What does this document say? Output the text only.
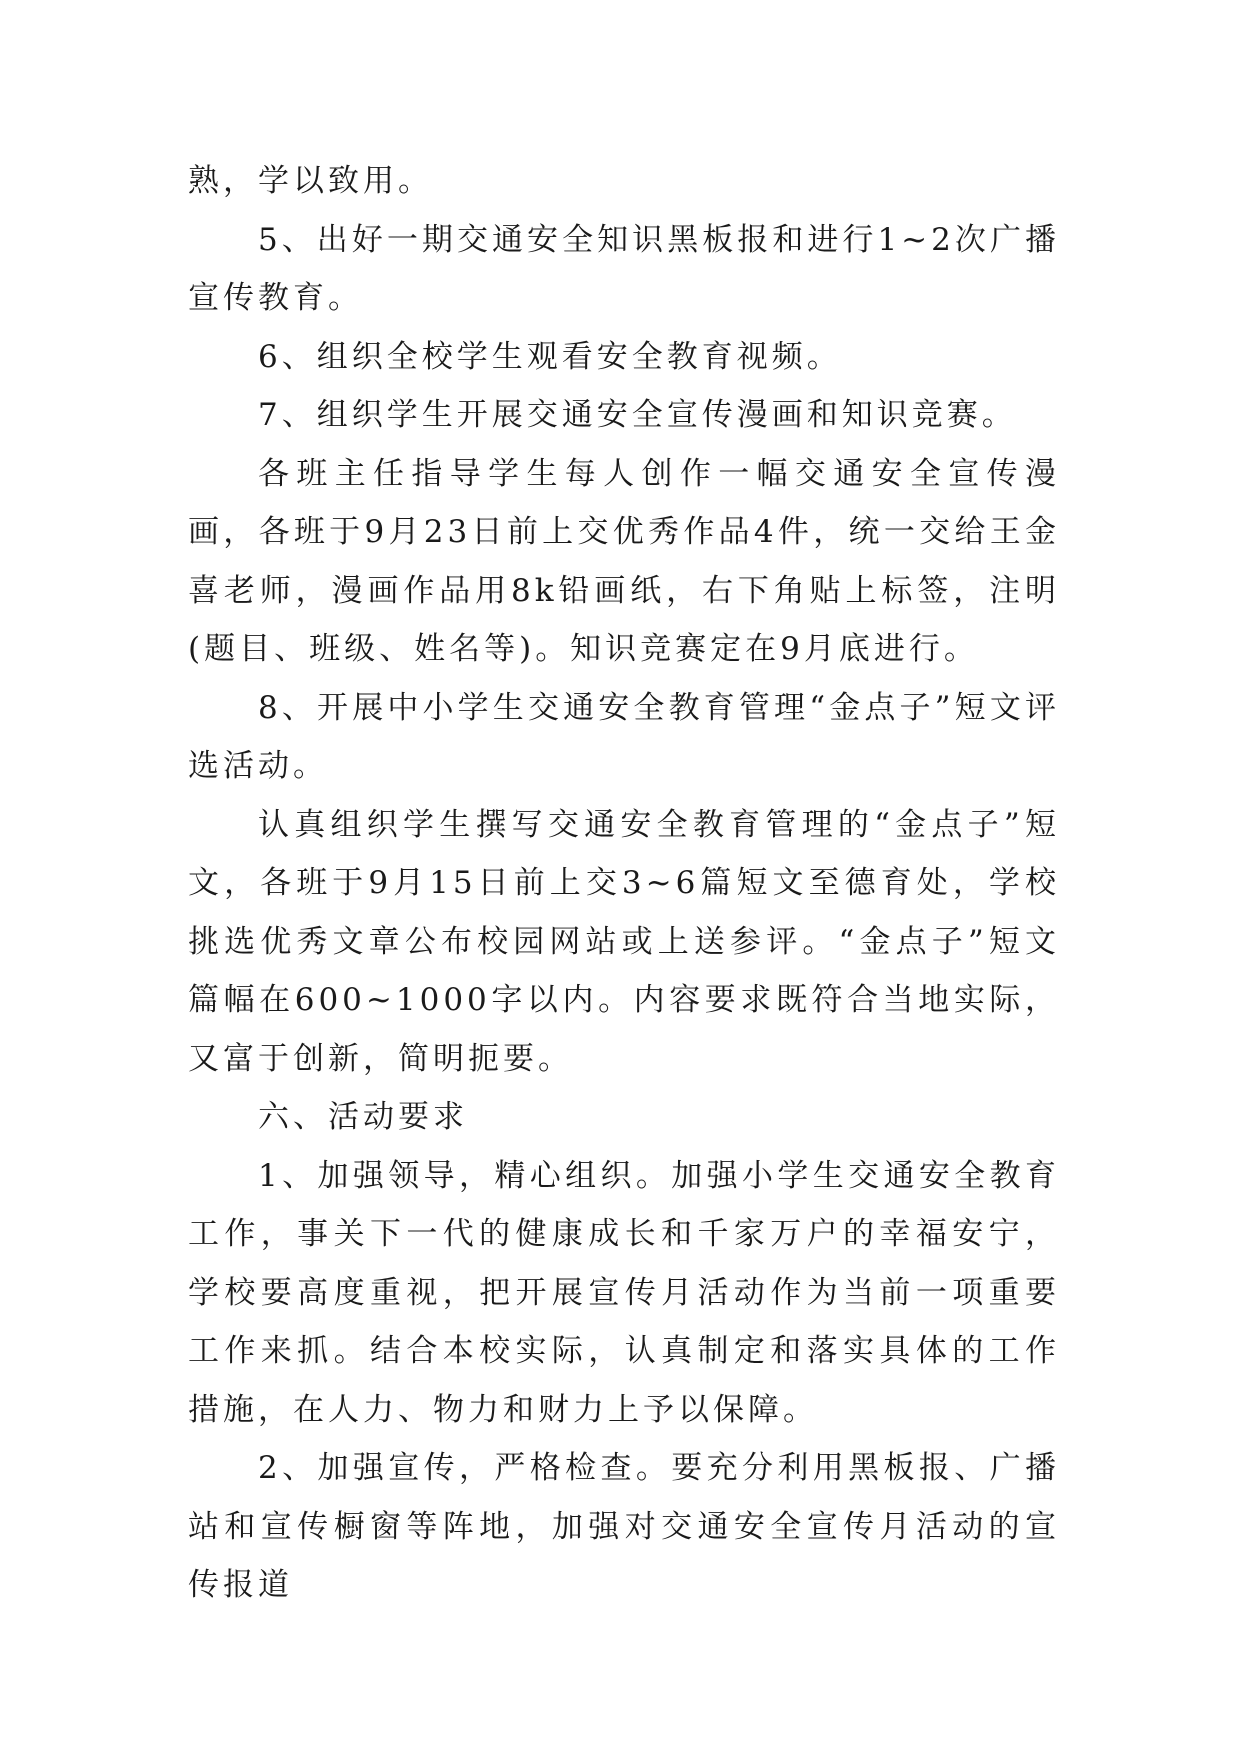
熟，学以致用。

5、出好一期交通安全知识黑板报和进行1~2次广播宣传教育。

6、组织全校学生观看安全教育视频。

7、组织学生开展交通安全宣传漫画和知识竞赛。

各班主任指导学生每人创作一幅交通安全宣传漫画，各班于9月23日前上交优秀作品4件，统一交给王金喜老师，漫画作品用8k铅画纸，右下角贴上标签，注明(题目、班级、姓名等)。知识竞赛定在9月底进行。

8、开展中小学生交通安全教育管理“金点子”短文评选活动。

认真组织学生撰写交通安全教育管理的“金点子”短文，各班于9月15日前上交3~6篇短文至德育处，学校挑选优秀文章公布校园网站或上送参评。“金点子”短文篇幅在600~1000字以内。内容要求既符合当地实际，又富于创新，简明扼要。

六、活动要求

1、加强领导，精心组织。加强小学生交通安全教育工作，事关下一代的健康成长和千家万户的幸福安宁，学校要高度重视，把开展宣传月活动作为当前一项重要工作来抓。结合本校实际，认真制定和落实具体的工作措施，在人力、物力和财力上予以保障。

2、加强宣传，严格检查。要充分利用黑板报、广播站和宣传橱窗等阵地，加强对交通安全宣传月活动的宣传报道
